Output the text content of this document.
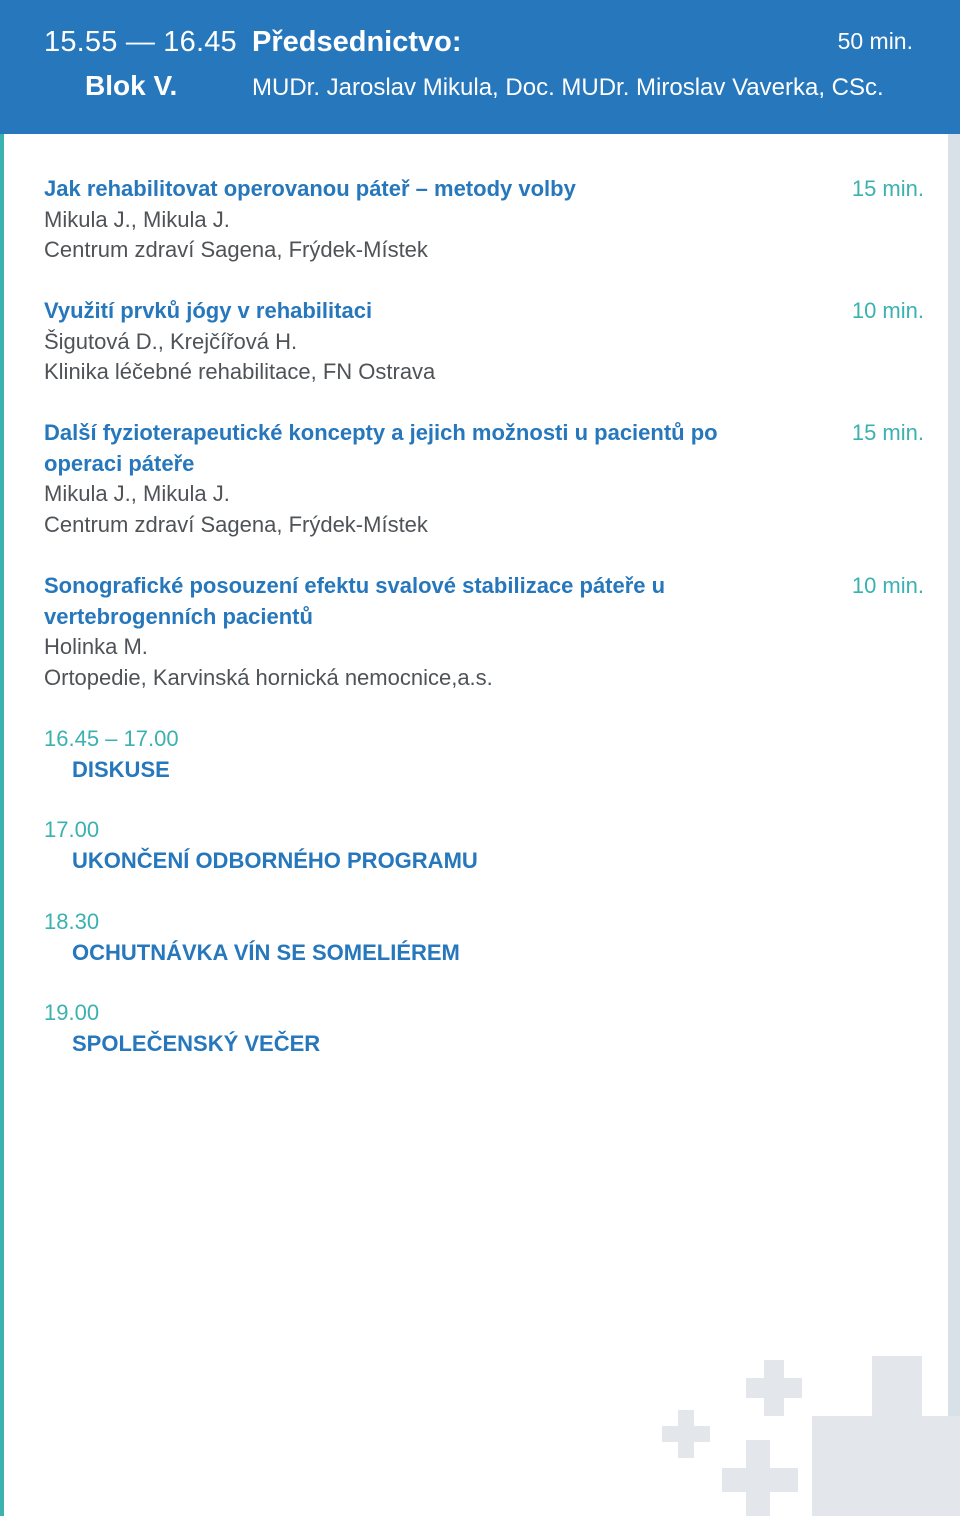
15.55 — 16.45
Blok V.
Předsednictvo:
MUDr. Jaroslav Mikula, Doc. MUDr. Miroslav Vaverka, CSc.
50 min.
Jak rehabilitovat operovanou páteř – metody volby
Mikula J., Mikula J.
Centrum zdraví Sagena, Frýdek-Místek
15 min.
Využití prvků jógy v rehabilitaci
Šigutová D., Krejčířová H.
Klinika léčebné rehabilitace, FN Ostrava
10 min.
Další fyzioterapeutické koncepty a jejich možnosti u pacientů po operaci páteře
Mikula J., Mikula J.
Centrum zdraví Sagena, Frýdek-Místek
15 min.
Sonografické posouzení efektu svalové stabilizace páteře u vertebrogenních pacientů
Holinka M.
Ortopedie, Karvinská hornická nemocnice,a.s.
10 min.
16.45 – 17.00
DISKUSE
17.00
UKONČENÍ ODBORNÉHO PROGRAMU
18.30
OCHUTNÁVKA VÍN SE SOMELIÉREM
19.00
SPOLEČENSKÝ VEČER
